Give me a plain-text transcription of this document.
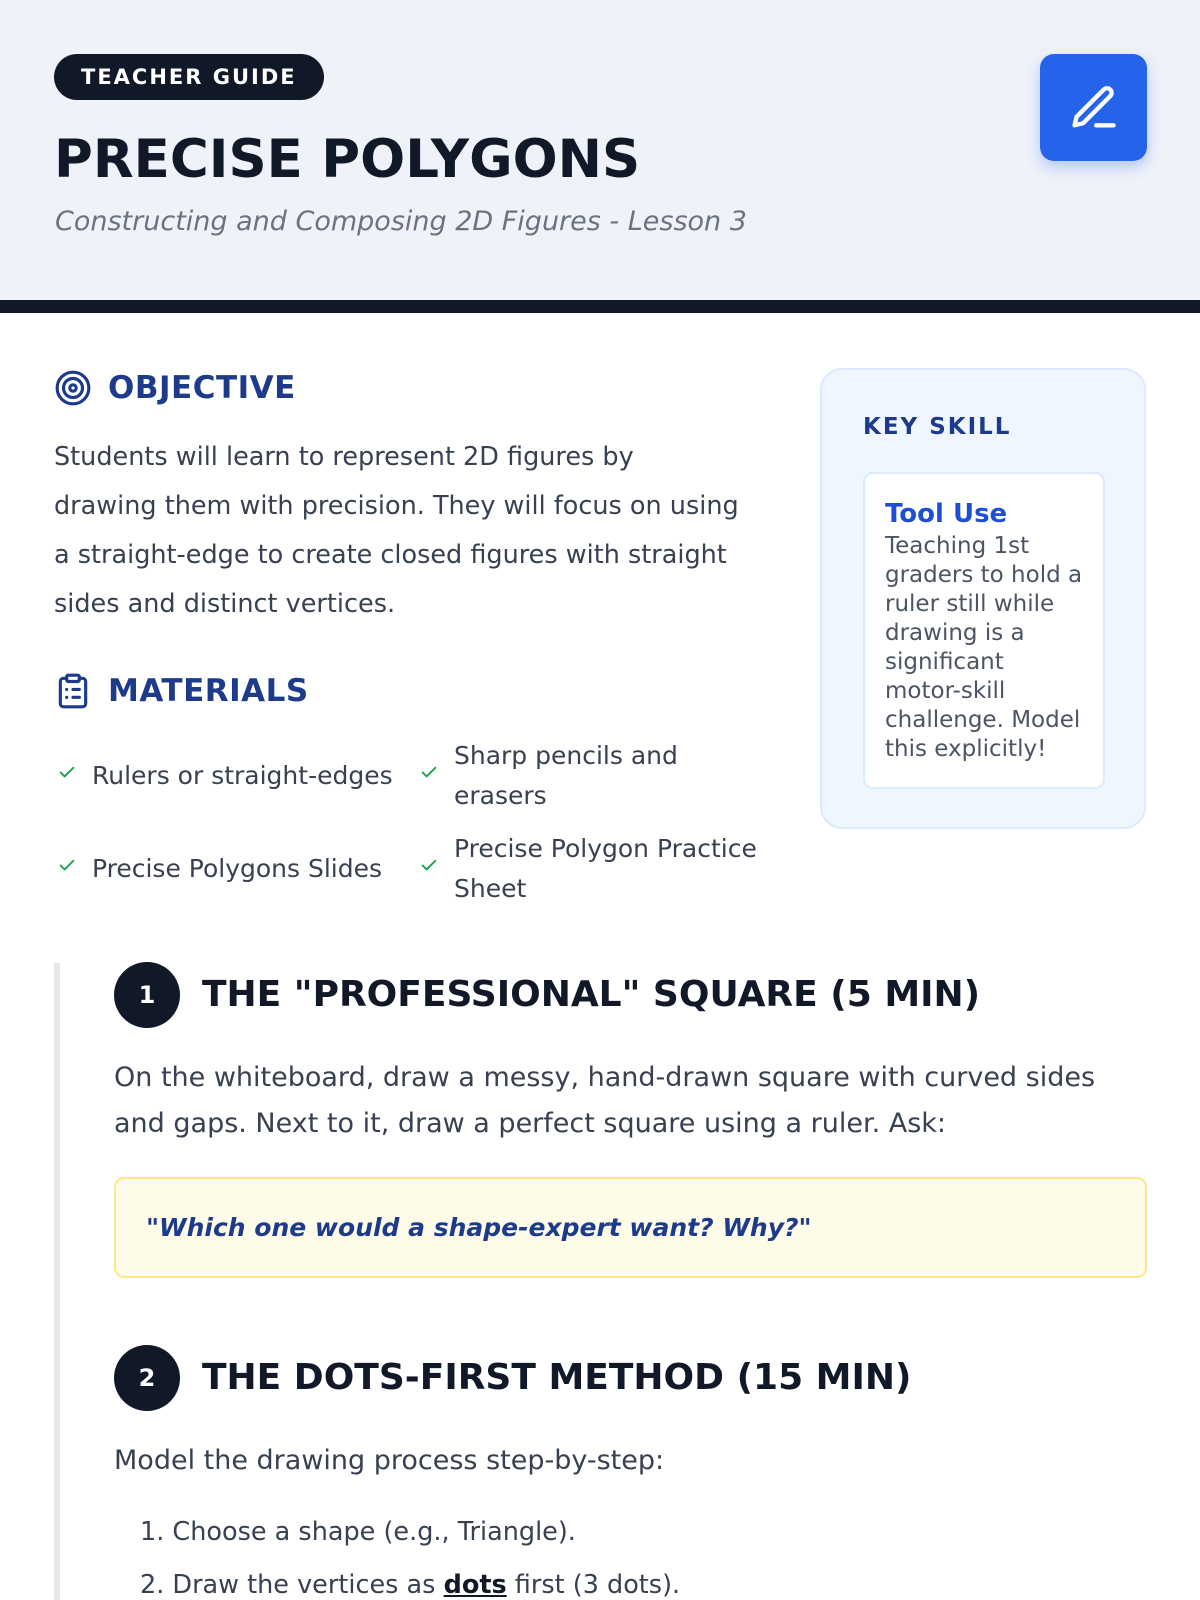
TEACHER GUIDE
PRECISE POLYGONS
Constructing and Composing 2D Figures - Lesson 3
OBJECTIVE
Students will learn to represent 2D figures by drawing them with precision. They will focus on using a straight-edge to create closed figures with straight sides and distinct vertices.
MATERIALS
Rulers or straight-edges
Sharp pencils and erasers
Precise Polygons Slides
Precise Polygon Practice Sheet
KEY SKILL
Tool Use
Teaching 1st graders to hold a ruler still while drawing is a significant motor-skill challenge. Model this explicitly!
1	THE "PROFESSIONAL" SQUARE (5 MIN)
On the whiteboard, draw a messy, hand-drawn square with curved sides and gaps. Next to it, draw a perfect square using a ruler. Ask:
"Which one would a shape-expert want? Why?"
2	THE DOTS-FIRST METHOD (15 MIN)
Model the drawing process step-by-step:
1. Choose a shape (e.g., Triangle).
2. Draw the vertices as dots first (3 dots).
